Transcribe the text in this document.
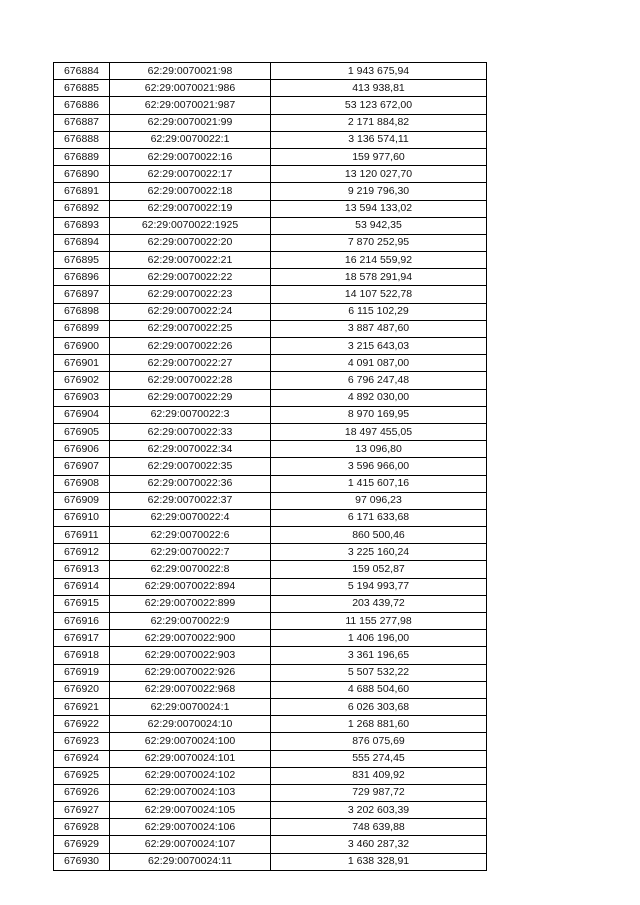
676884	62:29:0070021:98	1 943 675,94
676885	62:29:0070021:986	413 938,81
676886	62:29:0070021:987	53 123 672,00
676887	62:29:0070021:99	2 171 884,82
676888	62:29:0070022:1	3 136 574,11
676889	62:29:0070022:16	159 977,60
676890	62:29:0070022:17	13 120 027,70
676891	62:29:0070022:18	9 219 796,30
676892	62:29:0070022:19	13 594 133,02
676893	62:29:0070022:1925	53 942,35
676894	62:29:0070022:20	7 870 252,95
676895	62:29:0070022:21	16 214 559,92
676896	62:29:0070022:22	18 578 291,94
676897	62:29:0070022:23	14 107 522,78
676898	62:29:0070022:24	6 115 102,29
676899	62:29:0070022:25	3 887 487,60
676900	62:29:0070022:26	3 215 643,03
676901	62:29:0070022:27	4 091 087,00
676902	62:29:0070022:28	6 796 247,48
676903	62:29:0070022:29	4 892 030,00
676904	62:29:0070022:3	8 970 169,95
676905	62:29:0070022:33	18 497 455,05
676906	62:29:0070022:34	13 096,80
676907	62:29:0070022:35	3 596 966,00
676908	62:29:0070022:36	1 415 607,16
676909	62:29:0070022:37	97 096,23
676910	62:29:0070022:4	6 171 633,68
676911	62:29:0070022:6	860 500,46
676912	62:29:0070022:7	3 225 160,24
676913	62:29:0070022:8	159 052,87
676914	62:29:0070022:894	5 194 993,77
676915	62:29:0070022:899	203 439,72
676916	62:29:0070022:9	11 155 277,98
676917	62:29:0070022:900	1 406 196,00
676918	62:29:0070022:903	3 361 196,65
676919	62:29:0070022:926	5 507 532,22
676920	62:29:0070022:968	4 688 504,60
676921	62:29:0070024:1	6 026 303,68
676922	62:29:0070024:10	1 268 881,60
676923	62:29:0070024:100	876 075,69
676924	62:29:0070024:101	555 274,45
676925	62:29:0070024:102	831 409,92
676926	62:29:0070024:103	729 987,72
676927	62:29:0070024:105	3 202 603,39
676928	62:29:0070024:106	748 639,88
676929	62:29:0070024:107	3 460 287,32
676930	62:29:0070024:11	1 638 328,91
